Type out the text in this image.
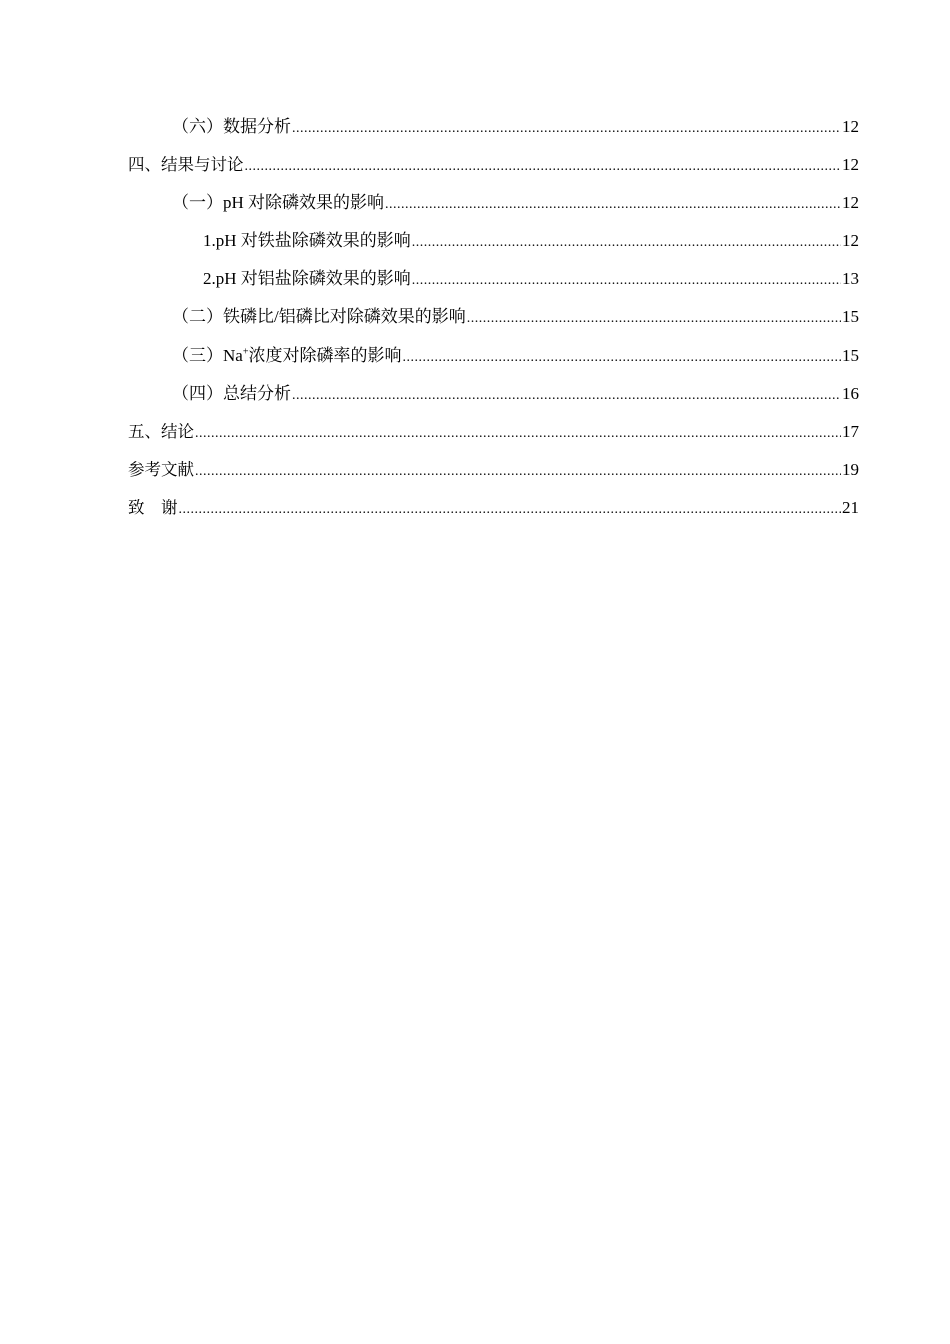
（六）数据分析 .....	12
四、结果与讨论 .....	12
（一）pH 对除磷效果的影响 .....	12
1.pH 对铁盐除磷效果的影响 .....	12
2.pH 对铝盐除磷效果的影响 .....	13
（二）铁磷比/铝磷比对除磷效果的影响 .....	15
（三）Na+浓度对除磷率的影响 .....	15
（四）总结分析 .....	16
五、结论 .....	17
参考文献 .....	19
致　谢 .....	21
